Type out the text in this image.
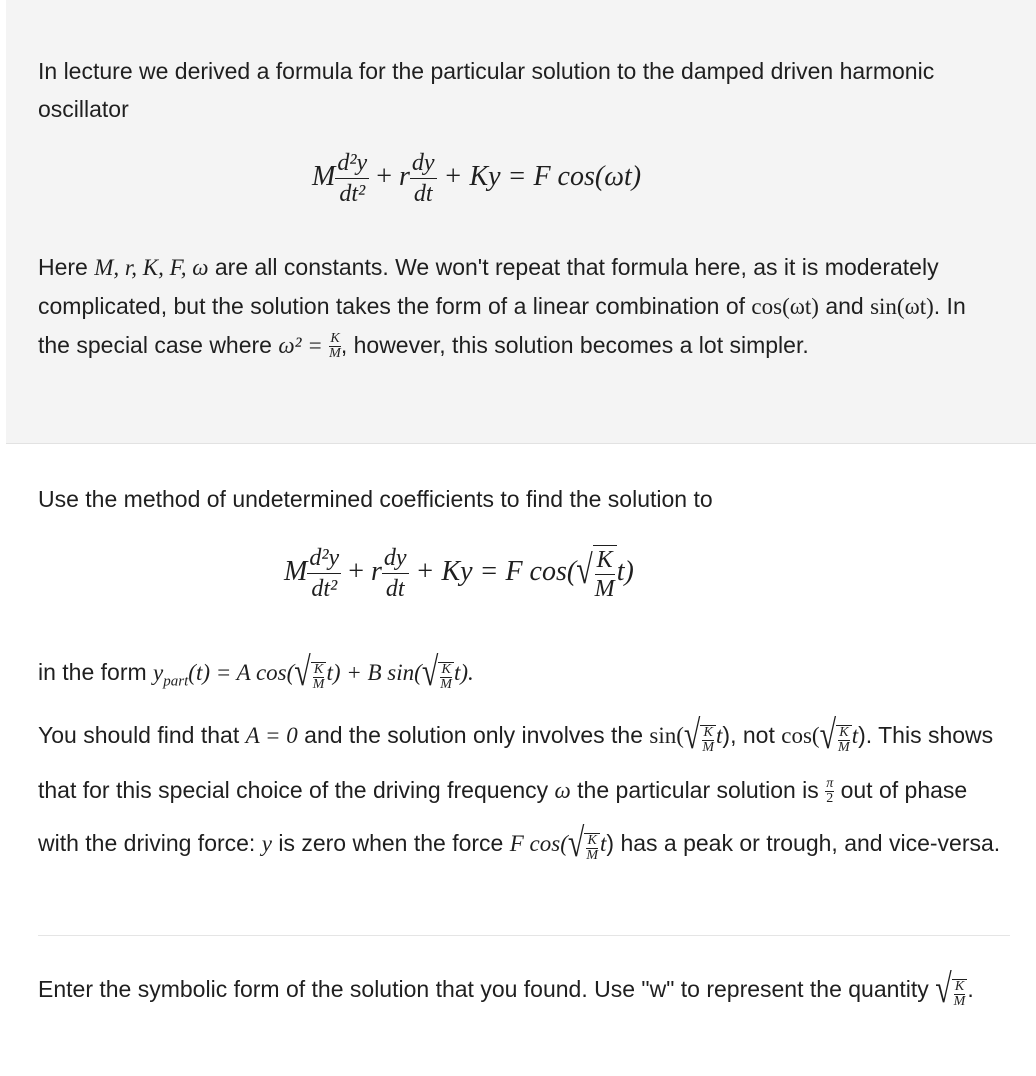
In lecture we derived a formula for the particular solution to the damped driven harmonic oscillator
M $\frac{\text{d²y}}{\text{dt²}} + r \frac{dy}{dt} + Ky = F$ cos(ωt)
Here M, r, K, F, ω are all constants. We won't repeat that formula here, as it is moderately complicated, but the solution takes the form of a linear combination of cos(ωt) and sin(ωt). In the special case where $\omega^2 = \frac{K}{M}$ , however, this solution becomes a lot simpler.
Use the method of undetermined coefficients to find the solution to
M $\frac{\text{d²y}}{\text{dt²}} + r \frac{dy}{dt} + Ky = F$ $\cos(√ \frac{K}{M} t)$
in the form $y_{part}(t) = A$ $\cos(√ \frac{K}{M} t) + B$ $\sin(√ \frac{K}{M} t)$.
You should find that A = 0 and the solution only involves the $\sin(√ \frac{K}{M} t)$, not $\cos(√ \frac{K}{M} t)$. This shows that for this special choice of the driving frequency ω the particular solution is $\frac{\pi}{2}$ out of phase with the driving force: y is zero when the force F $\cos(√ \frac{K}{M} t)$ has a peak or trough, and vice-versa.
Enter the symbolic form of the solution that you found. Use "w" to represent the quantity √ $\frac{K}{M}$ .
